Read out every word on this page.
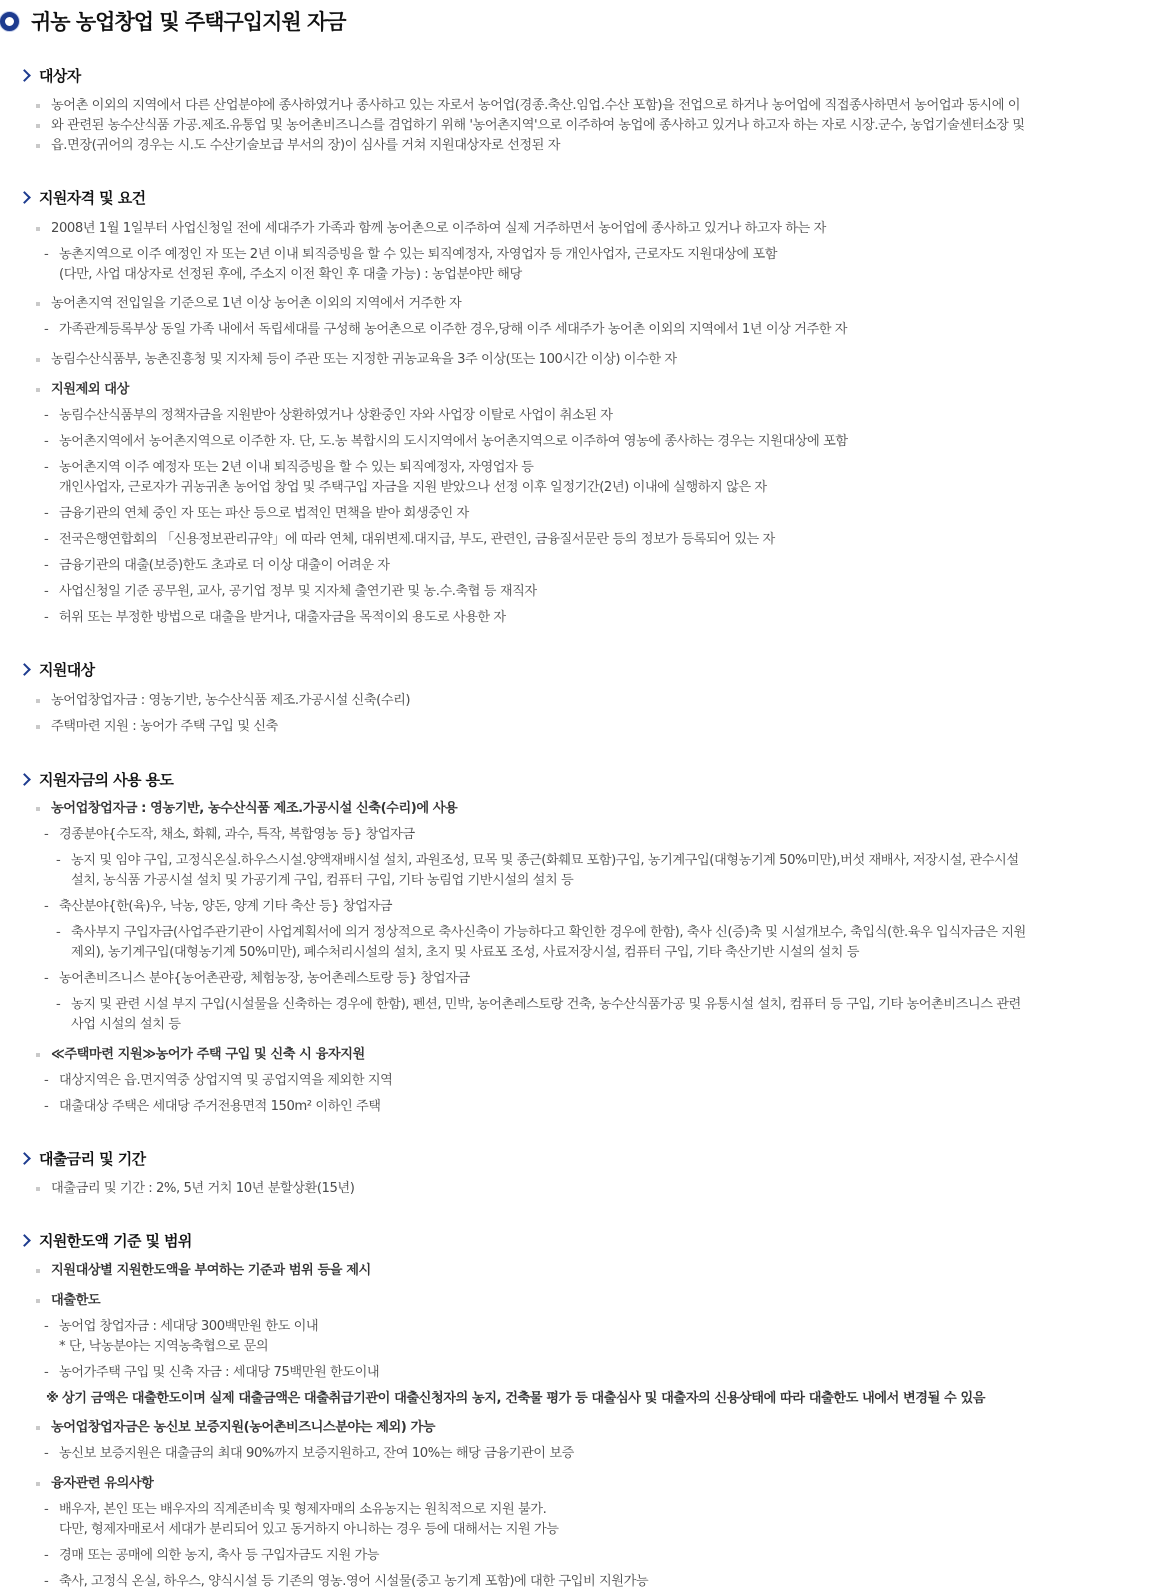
귀농 농업창업 및 주택구입지원 자금
대상자
농어촌 이외의 지역에서 다른 산업분야에 종사하였거나 종사하고 있는 자로서 농어업(경종.축산.임업.수산 포함)을 전업으로 하거나 농어업에 직접종사하면서 농어업과 동시에 이
와 관련된 농수산식품 가공.제조.유통업 및 농어촌비즈니스를 겸업하기 위해 '농어촌지역'으로 이주하여 농업에 종사하고 있거나 하고자 하는 자로 시장.군수, 농업기술센터소장 및
읍.면장(귀어의 경우는 시.도 수산기술보급 부서의 장)이 심사를 거쳐 지원대상자로 선정된 자
지원자격 및 요건
2008년 1월 1일부터 사업신청일 전에 세대주가 가족과 함께 농어촌으로 이주하여 실제 거주하면서 농어업에 종사하고 있거나 하고자 하는 자
- 농촌지역으로 이주 예정인 자 또는 2년 이내 퇴직증빙을 할 수 있는 퇴직예정자, 자영업자 등 개인사업자, 근로자도 지원대상에 포함
(다만, 사업 대상자로 선정된 후에, 주소지 이전 확인 후 대출 가능) : 농업분야만 해당
농어촌지역 전입일을 기준으로 1년 이상 농어촌 이외의 지역에서 거주한 자
- 가족관계등록부상 동일 가족 내에서 독립세대를 구성해 농어촌으로 이주한 경우,당해 이주 세대주가 농어촌 이외의 지역에서 1년 이상 거주한 자
농림수산식품부, 농촌진흥청 및 지자체 등이 주관 또는 지정한 귀농교육을 3주 이상(또는 100시간 이상) 이수한 자
지원제외 대상
- 농림수산식품부의 정책자금을 지원받아 상환하였거나 상환중인 자와 사업장 이탈로 사업이 취소된 자
- 농어촌지역에서 농어촌지역으로 이주한 자. 단, 도.농 복합시의 도시지역에서 농어촌지역으로 이주하여 영농에 종사하는 경우는 지원대상에 포함
- 농어촌지역 이주 예정자 또는 2년 이내 퇴직증빙을 할 수 있는 퇴직예정자, 자영업자 등
개인사업자, 근로자가 귀농귀촌 농어업 창업 및 주택구입 자금을 지원 받았으나 선정 이후 일정기간(2년) 이내에 실행하지 않은 자
- 금융기관의 연체 중인 자 또는 파산 등으로 법적인 면책을 받아 회생중인 자
- 전국은행연합회의 「신용정보관리규약」에 따라 연체, 대위변제.대지급, 부도, 관련인, 금융질서문란 등의 정보가 등록되어 있는 자
- 금융기관의 대출(보증)한도 초과로 더 이상 대출이 어려운 자
- 사업신청일 기준 공무원, 교사, 공기업 정부 및 지자체 출연기관 및 농.수.축협 등 재직자
- 허위 또는 부정한 방법으로 대출을 받거나, 대출자금을 목적이외 용도로 사용한 자
지원대상
농어업창업자금 : 영농기반, 농수산식품 제조.가공시설 신축(수리)
주택마련 지원 : 농어가 주택 구입 및 신축
지원자금의 사용 용도
농어업창업자금 : 영농기반, 농수산식품 제조.가공시설 신축(수리)에 사용
- 경종분야{수도작, 채소, 화훼, 과수, 특작, 복합영농 등} 창업자금
- 농지 및 임야 구입, 고정식온실.하우스시설.양액재배시설 설치, 과원조성, 묘목 및 종근(화훼묘 포함)구입, 농기계구입(대형농기계 50%미만),버섯 재배사, 저장시설, 관수시설
설치, 농식품 가공시설 설치 및 가공기계 구입, 컴퓨터 구입, 기타 농림업 기반시설의 설치 등
- 축산분야{한(육)우, 낙농, 양돈, 양계 기타 축산 등} 창업자금
- 축사부지 구입자금(사업주관기관이 사업계획서에 의거 정상적으로 축사신축이 가능하다고 확인한 경우에 한함), 축사 신(증)축 및 시설개보수, 축입식(한.육우 입식자금은 지원
제외), 농기계구입(대형농기계 50%미만), 폐수처리시설의 설치, 초지 및 사료포 조성, 사료저장시설, 컴퓨터 구입, 기타 축산기반 시설의 설치 등
- 농어촌비즈니스 분야{농어촌관광, 체험농장, 농어촌레스토랑 등} 창업자금
- 농지 및 관련 시설 부지 구입(시설물을 신축하는 경우에 한함), 펜션, 민박, 농어촌레스토랑 건축, 농수산식품가공 및 유통시설 설치, 컴퓨터 등 구입, 기타 농어촌비즈니스 관련
사업 시설의 설치 등
≪주택마련 지원≫농어가 주택 구입 및 신축 시 융자지원
- 대상지역은 읍.면지역중 상업지역 및 공업지역을 제외한 지역
- 대출대상 주택은 세대당 주거전용면적 150m² 이하인 주택
대출금리 및 기간
대출금리 및 기간 : 2%, 5년 거치 10년 분할상환(15년)
지원한도액 기준 및 범위
지원대상별 지원한도액을 부여하는 기준과 범위 등을 제시
대출한도
- 농어업 창업자금 : 세대당 300백만원 한도 이내
* 단, 낙농분야는 지역농축협으로 문의
- 농어가주택 구입 및 신축 자금 : 세대당 75백만원 한도이내
※ 상기 금액은 대출한도이며 실제 대출금액은 대출취급기관이 대출신청자의 농지, 건축물 평가 등 대출심사 및 대출자의 신용상태에 따라 대출한도 내에서 변경될 수 있음
농어업창업자금은 농신보 보증지원(농어촌비즈니스분야는 제외) 가능
- 농신보 보증지원은 대출금의 최대 90%까지 보증지원하고, 잔여 10%는 해당 금융기관이 보증
융자관련 유의사항
- 배우자, 본인 또는 배우자의 직계존비속 및 형제자매의 소유농지는 원칙적으로 지원 불가.
다만, 형제자매로서 세대가 분리되어 있고 동거하지 아니하는 경우 등에 대해서는 지원 가능
- 경매 또는 공매에 의한 농지, 축사 등 구입자금도 지원 가능
- 축사, 고정식 온실, 하우스, 양식시설 등 기존의 영농.영어 시설물(중고 농기계 포함)에 대한 구입비 지원가능
